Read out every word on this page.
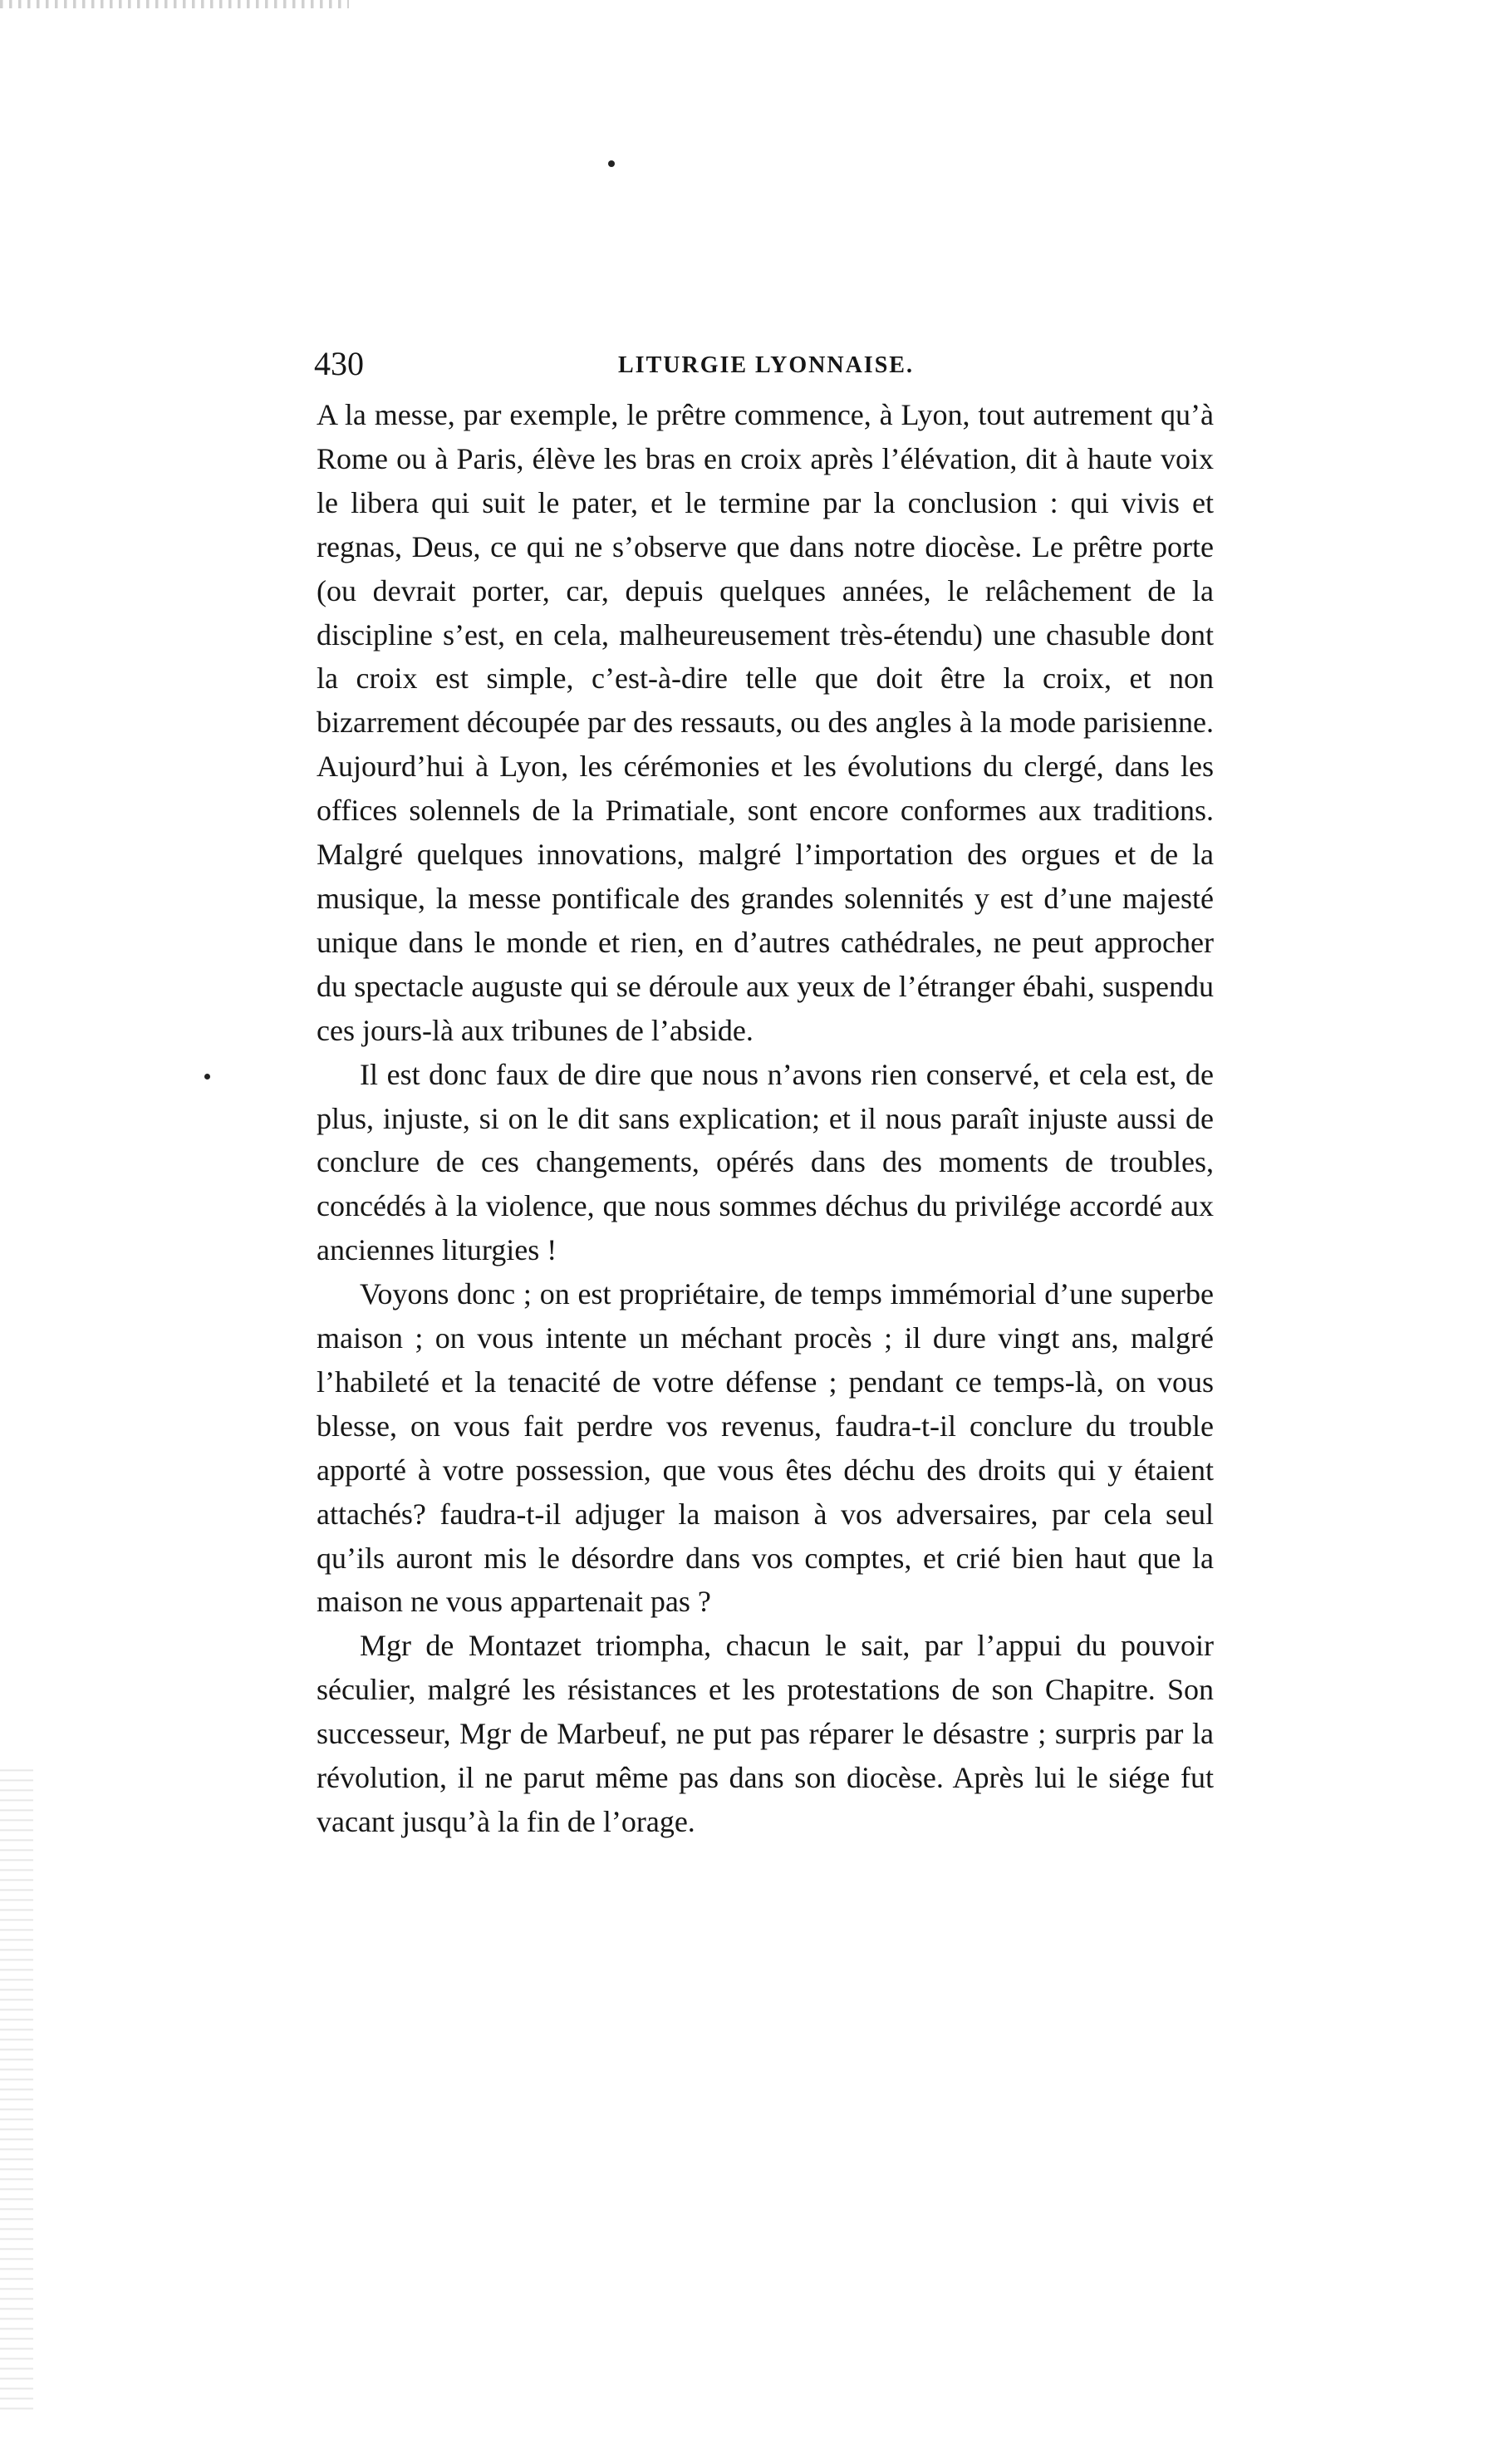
430	LITURGIE LYONNAISE.

A la messe, par exemple, le prêtre commence, à Lyon, tout autrement qu’à Rome ou à Paris, élève les bras en croix après l’élévation, dit à haute voix le libera qui suit le pater, et le termine par la conclusion : qui vivis et regnas, Deus, ce qui ne s’observe que dans notre diocèse. Le prêtre porte (ou devrait porter, car, depuis quelques années, le relâchement de la discipline s’est, en cela, malheureusement très-étendu) une chasuble dont la croix est simple, c’est-à-dire telle que doit être la croix, et non bizarrement découpée par des ressauts, ou des angles à la mode parisienne. Aujourd’hui à Lyon, les cérémonies et les évolutions du clergé, dans les offices solennels de la Primatiale, sont encore conformes aux traditions. Malgré quelques innovations, malgré l’importation des orgues et de la musique, la messe pontificale des grandes solennités y est d’une majesté unique dans le monde et rien, en d’autres cathédrales, ne peut approcher du spectacle auguste qui se déroule aux yeux de l’étranger ébahi, suspendu ces jours-là aux tribunes de l’abside.

Il est donc faux de dire que nous n’avons rien conservé, et cela est, de plus, injuste, si on le dit sans explication; et il nous paraît injuste aussi de conclure de ces changements, opérés dans des moments de troubles, concédés à la violence, que nous sommes déchus du privilége accordé aux anciennes liturgies !

Voyons donc ; on est propriétaire, de temps immémorial d’une superbe maison ; on vous intente un méchant procès ; il dure vingt ans, malgré l’habileté et la tenacité de votre défense ; pendant ce temps-là, on vous blesse, on vous fait perdre vos revenus, faudra-t-il conclure du trouble apporté à votre possession, que vous êtes déchu des droits qui y étaient attachés? faudra-t-il adjuger la maison à vos adversaires, par cela seul qu’ils auront mis le désordre dans vos comptes, et crié bien haut que la maison ne vous appartenait pas ?

Mgr de Montazet triompha, chacun le sait, par l’appui du pouvoir séculier, malgré les résistances et les protestations de son Chapitre. Son successeur, Mgr de Marbeuf, ne put pas réparer le désastre ; surpris par la révolution, il ne parut même pas dans son diocèse. Après lui le siége fut vacant jusqu’à la fin de l’orage.
